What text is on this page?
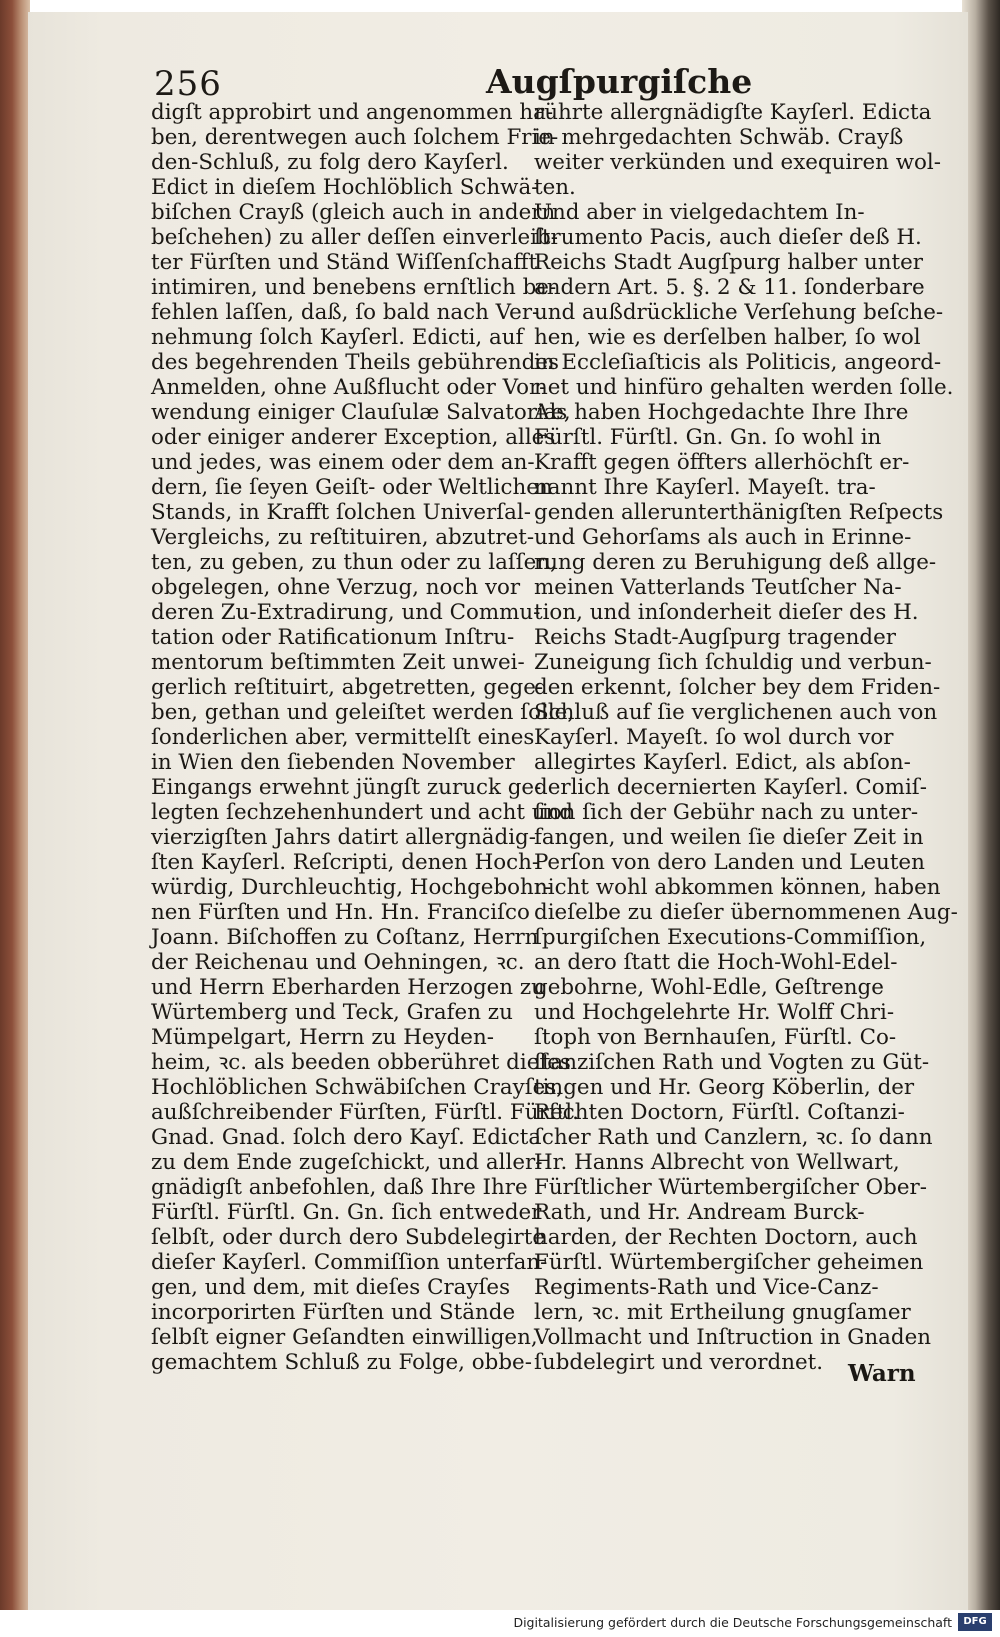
256	Augſpurgiſche
digſt approbirt und angenommen ha-
ben, derentwegen auch ſolchem Frie-
den-Schluß, zu folg dero Kayſerl.
Edict in dieſem Hochlöblich Schwä-
biſchen Crayß (gleich auch in andern
beſchehen) zu aller deſſen einverleib-
ter Fürſten und Ständ Wiſſenſchafft
intimiren, und benebens ernſtlich be-
fehlen laſſen, daß, ſo bald nach Ver-
nehmung ſolch Kayſerl. Edicti, auf
des begehrenden Theils gebührendes
Anmelden, ohne Außflucht oder Vor-
wendung einiger Clauſulæ Salvatoriæ,
oder einiger anderer Exception, alles
und jedes, was einem oder dem an-
dern, ſie ſeyen Geiſt- oder Weltlichen
Stands, in Krafft ſolchen Univerſal-
Vergleichs, zu reſtituiren, abzutret-
ten, zu geben, zu thun oder zu laſſen,
obgelegen, ohne Verzug, noch vor
deren Zu-Extradirung, und Commu-
tation oder Ratificationum Inſtru-
mentorum beſtimmten Zeit unwei-
gerlich reſtituirt, abgetretten, gege-
ben, gethan und geleiſtet werden ſolle,
ſonderlichen aber, vermittelſt eines
in Wien den ſiebenden November
Eingangs erwehnt jüngſt zuruck ge-
legten ſechzehenhundert und acht und
vierzigſten Jahrs datirt allergnädig-
ſten Kayſerl. Reſcripti, denen Hoch-
würdig, Durchleuchtig, Hochgebohr-
nen Fürſten und Hn. Hn. Franciſco
Joann. Biſchoffen zu Coſtanz, Herrn
der Reichenau und Oehningen, ꝛc.
und Herrn Eberharden Herzogen zu
Würtemberg und Teck, Grafen zu
Mümpelgart, Herrn zu Heyden-
heim, ꝛc. als beeden obberühret dieſes
Hochlöblichen Schwäbiſchen Crayſes,
außſchreibender Fürſten, Fürſtl. Fürſtl.
Gnad. Gnad. ſolch dero Kayſ. Edicta
zu dem Ende zugeſchickt, und aller-
gnädigſt anbefohlen, daß Ihre Ihre
Fürſtl. Fürſtl. Gn. Gn. ſich entweder
ſelbſt, oder durch dero Subdelegirte
dieſer Kayſerl. Commiſſion unterfan-
gen, und dem, mit dieſes Crayſes
incorporirten Fürſten und Stände
ſelbſt eigner Geſandten einwilligen,
gemachtem Schluß zu Folge, obbe-
rührte allergnädigſte Kayſerl. Edicta
in mehrgedachten Schwäb. Crayß
weiter verkünden und exequiren wol-
ten.
Und aber in vielgedachtem In-
ſtrumento Pacis, auch dieſer deß H.
Reichs Stadt Augſpurg halber unter
andern Art. 5. §. 2 & 11. ſonderbare
und außdrückliche Verſehung beſche-
hen, wie es derſelben halber, ſo wol
in Eccleſiaſticis als Politicis, angeord-
net und hinfüro gehalten werden ſolle.
Als haben Hochgedachte Ihre Ihre
Fürſtl. Fürſtl. Gn. Gn. ſo wohl in
Krafft gegen öffters allerhöchſt er-
nannt Ihre Kayſerl. Mayeſt. tra-
genden allerunterthänigſten Reſpects
und Gehorſams als auch in Erinne-
rung deren zu Beruhigung deß allge-
meinen Vatterlands Teutſcher Na-
tion, und inſonderheit dieſer des H.
Reichs Stadt-Augſpurg tragender
Zuneigung ſich ſchuldig und verbun-
den erkennt, ſolcher bey dem Friden-
Schluß auf ſie verglichenen auch von
Kayſerl. Mayeſt. ſo wol durch vor
allegirtes Kayſerl. Edict, als abſon-
derlich decernierten Kayſerl. Comiſ-
ſion ſich der Gebühr nach zu unter-
fangen, und weilen ſie dieſer Zeit in
Perſon von dero Landen und Leuten
nicht wohl abkommen können, haben
dieſelbe zu dieſer übernommenen Aug-
ſpurgiſchen Executions-Commiſſion,
an dero ſtatt die Hoch-Wohl-Edel-
gebohrne, Wohl-Edle, Geſtrenge
und Hochgelehrte Hr. Wolff Chri-
ſtoph von Bernhauſen, Fürſtl. Co-
ſtanziſchen Rath und Vogten zu Güt-
tingen und Hr. Georg Köberlin, der
Rechten Doctorn, Fürſtl. Coſtanzi-
ſcher Rath und Canzlern, ꝛc. ſo dann
Hr. Hanns Albrecht von Wellwart,
Fürſtlicher Würtembergiſcher Ober-
Rath, und Hr. Andream Burck-
harden, der Rechten Doctorn, auch
Fürſtl. Würtembergiſcher geheimen
Regiments-Rath und Vice-Canz-
lern, ꝛc. mit Ertheilung gnugſamer
Vollmacht und Inſtruction in Gnaden
ſubdelegirt und verordnet.	Warn
Digitalisierung gefördert durch die Deutsche Forschungsgemeinschaft	DFG
